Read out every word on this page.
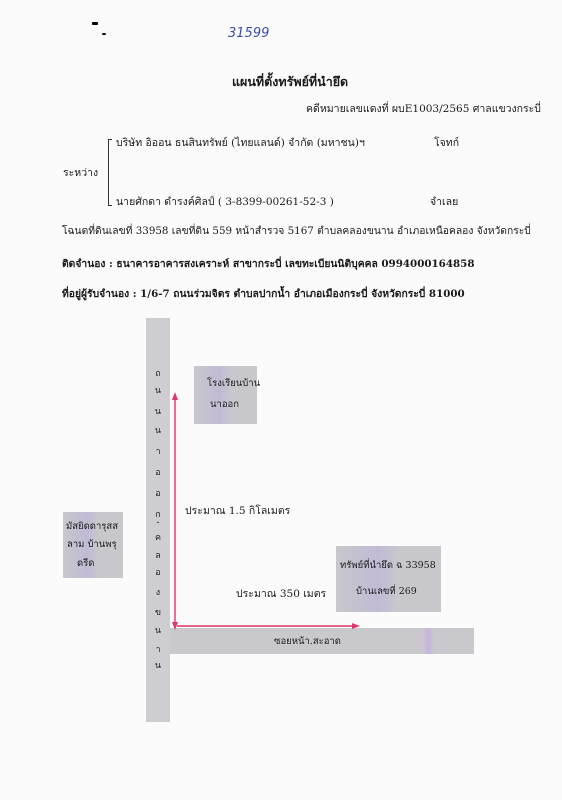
31599
แผนที่ตั้งทรัพย์ที่นำยึด
คดีหมายเลขแดงที่ ผบE1003/2565 ศาลแขวงกระบี่
ระหว่าง
บริษัท อิออน ธนสินทรัพย์ (ไทยแลนด์) จำกัด (มหาชน)ฯ	โจทก์
นายศักดา ดำรงค์ศิลป์ ( 3-8399-00261-52-3 )	จำเลย
โฉนดที่ดินเลขที่ 33958 เลขที่ดิน 559 หน้าสำรวจ 5167 ตำบลคลองขนาน อำเภอเหนือคลอง จังหวัดกระบี่
ติดจำนอง : ธนาคารอาคารสงเคราะห์ สาขากระบี่ เลขทะเบียนนิติบุคคล 0994000164858
ที่อยู่ผู้รับจำนอง : 1/6-7 ถนนร่วมจิตร ตำบลปากน้ำ อำเภอเมืองกระบี่ จังหวัดกระบี่ 81000
ถ
น
น
น
า
อ
อ
ก
-
ค
ล
อ
ง
ข
น
า
น
โรงเรียนบ้าน
นาออก
มัสยิดดารุสส
ลาม บ้านพรุ
ดรีด	ทรัพย์ที่นำยึด ฉ 33958
บ้านเลขที่ 269
ซอยหน้า.สะอาด
ประมาณ 1.5 กิโลเมตร
ประมาณ 350 เมตร
